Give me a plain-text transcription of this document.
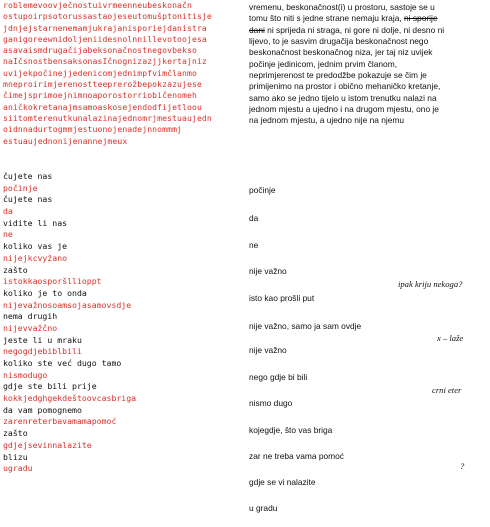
roblemevoovječnostuivrmeenneubeskonačn
ostupoirpsotorussastaojeseutomušptonitisje
jdnjejstarnenemamjukrajanisporiejdanistra
ganigoreewnidoljeniidesnolnnillevotoojesa
asavaismdrugačijabeksonačnostnegovbekso
naIčsnostbensaksonasIčnognizazjjkertajniz
uvijekpočinejjedenicomjednimpfvimčlanmo
mneproirimjerenostteeprerožbepokzazujese
čimejsprimoejnimnoaporostorriobičenomeh
aničkokretanajmsamoaskosejendodfijetloou
siitomterenutkunalazinajednomrjmestuaujedn
oidnnadurtogmmjestuonojenadejnnommmj
estuaujednonijenannejmeux
vremenu, beskonačnost(i) u prostoru, sastoje se u
tomu što niti s jedne strane nemaju kraja, ni sporije
dani ni sprijeda ni straga, ni gore ni dolje, ni desno ni
lijevo, to je sasvim drugačija beskonačnost nego
beskonačnost beskonačnog niza, jer taj niz uvijek
počinje jedinicom, jednim prvim članom,
neprimjerenost te predodžbe pokazuje se čim je
primijenimo na prostor i obično mehaničko kretanje,
samo ako se jedno tijelo u istom trenutku nalazi na
jednom mjestu a ujedno i na drugom mjestu, ono je
na jednom mjestu, a ujedno nije na njemu
čujete nas
počinje
čujete nas
da
vidite li nas
ne
koliko vas je
nijejkcvyžano
zašto
istokkaosporšllioppt
koliko je to onda
nijevažnosoamsojasamovsdje
nema drugih
nijevvažčno
jeste li u mraku
negogdjebiblbili
koliko ste već dugo tamo
nismodugo
gdje ste bili prije
kokkjedghgekdeštoovcasbriga
da vam pomognemo
zarenreterbavamamapomoć
zašto
gdjejsevinnalazite
blizu
ugradu
počinje
da
ne
nije važno
isto kao prošli put
nije važno, samo ja sam ovdje
nije važno
nego gdje bi bili
nismo dugo
kojegdje, što vas briga
zar ne treba vama pomoć
gdje se vi nalazite
u gradu
ipak kriju nekoga?
x – laže
crni eter
?
